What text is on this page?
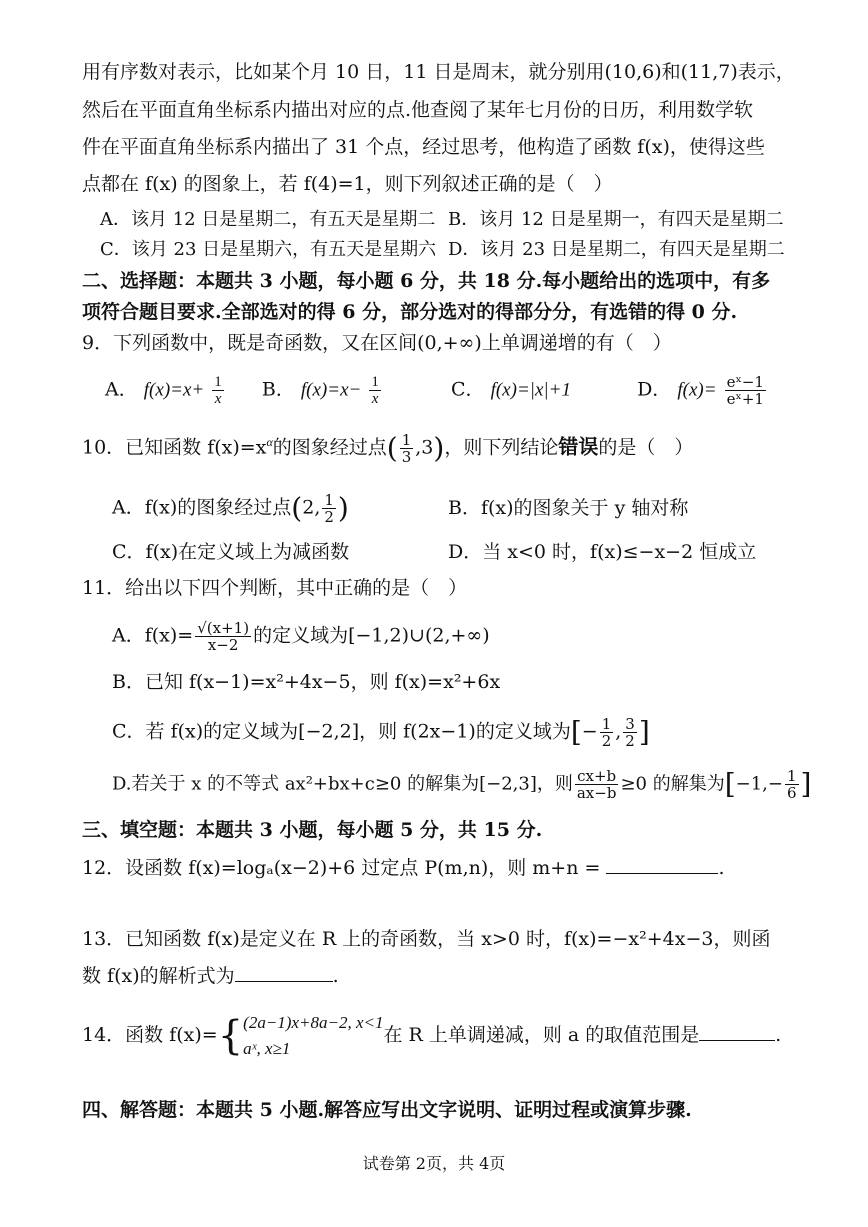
用有序数对表示，比如某个月 10 日，11 日是周末，就分别用(10,6)和(11,7)表示，
然后在平面直角坐标系内描出对应的点.他查阅了某年七月份的日历，利用数学软
件在平面直角坐标系内描出了 31 个点，经过思考，他构造了函数 f(x)，使得这些
点都在 f(x) 的图象上，若 f(4)=1，则下列叙述正确的是（　）
A．该月 12 日是星期二，有五天是星期二 B．该月 12 日是星期一，有四天是星期二
C．该月 23 日是星期六，有五天是星期六 D．该月 23 日是星期二，有四天是星期二
二、选择题：本题共 3 小题，每小题 6 分，共 18 分.每小题给出的选项中，有多
项符合题目要求.全部选对的得 6 分，部分选对的得部分分，有选错的得 0 分.
9．下列函数中，既是奇函数，又在区间(0,+∞)上单调递增的有（　）
A． $f(x)=x+ \frac{1}{x}$ B． $f(x)=x- \frac{1}{x}$	C． f(x)=|x|+1	D． $f(x)= \frac{\text{eˣ−1}}{\text{eˣ+1}}$
10．已知函数 $f(x)=x^\alpha$的图象经过点( $\frac{1}{3} ,3$)，则下列结论错误的是（　）
A．f(x)的图象经过点(2, $\frac{1}{2}$ )	B．f(x)的图象关于 y 轴对称
C．f(x)在定义域上为减函数	D．当 x<0 时，f(x)≤−x−2 恒成立
11．给出以下四个判断，其中正确的是（　）
A．$f(x)= \frac{√(x+1)}{x-2}$ 的定义域为[−1,2)∪(2,+∞)
B．已知 f(x−1)=x²+4x−5，则 f(x)=x²+6x
C．若 f(x)的定义域为[−2,2]，则 f(2x−1)的定义域为[− $\frac{1}{2}$ , $\frac{3}{2}$ ]
D.若关于 x 的不等式 ax²+bx+c≥0 的解集为[−2,3]，则 $\frac{cx+b}{ax-b} \ge 0$ 的解集为[$-1,- \frac{1}{6}$ ]
三、填空题：本题共 3 小题，每小题 5 分，共 15 分.
12．设函数 f(x)=logₐ(x−2)+6 过定点 P(m,n)，则 m+n =	.
13．已知函数 f(x)是定义在 R 上的奇函数，当 x>0 时，f(x)=−x²+4x−3，则函
数 f(x)的解析式为	.
14．函数 f(x)={ (2a−1)x+8a−2, x<1
aˣ, x≥1
在 R 上单调递减，则 a 的取值范围是	.
四、解答题：本题共 5 小题.解答应写出文字说明、证明过程或演算步骤.
试卷第 2页，共 4页
